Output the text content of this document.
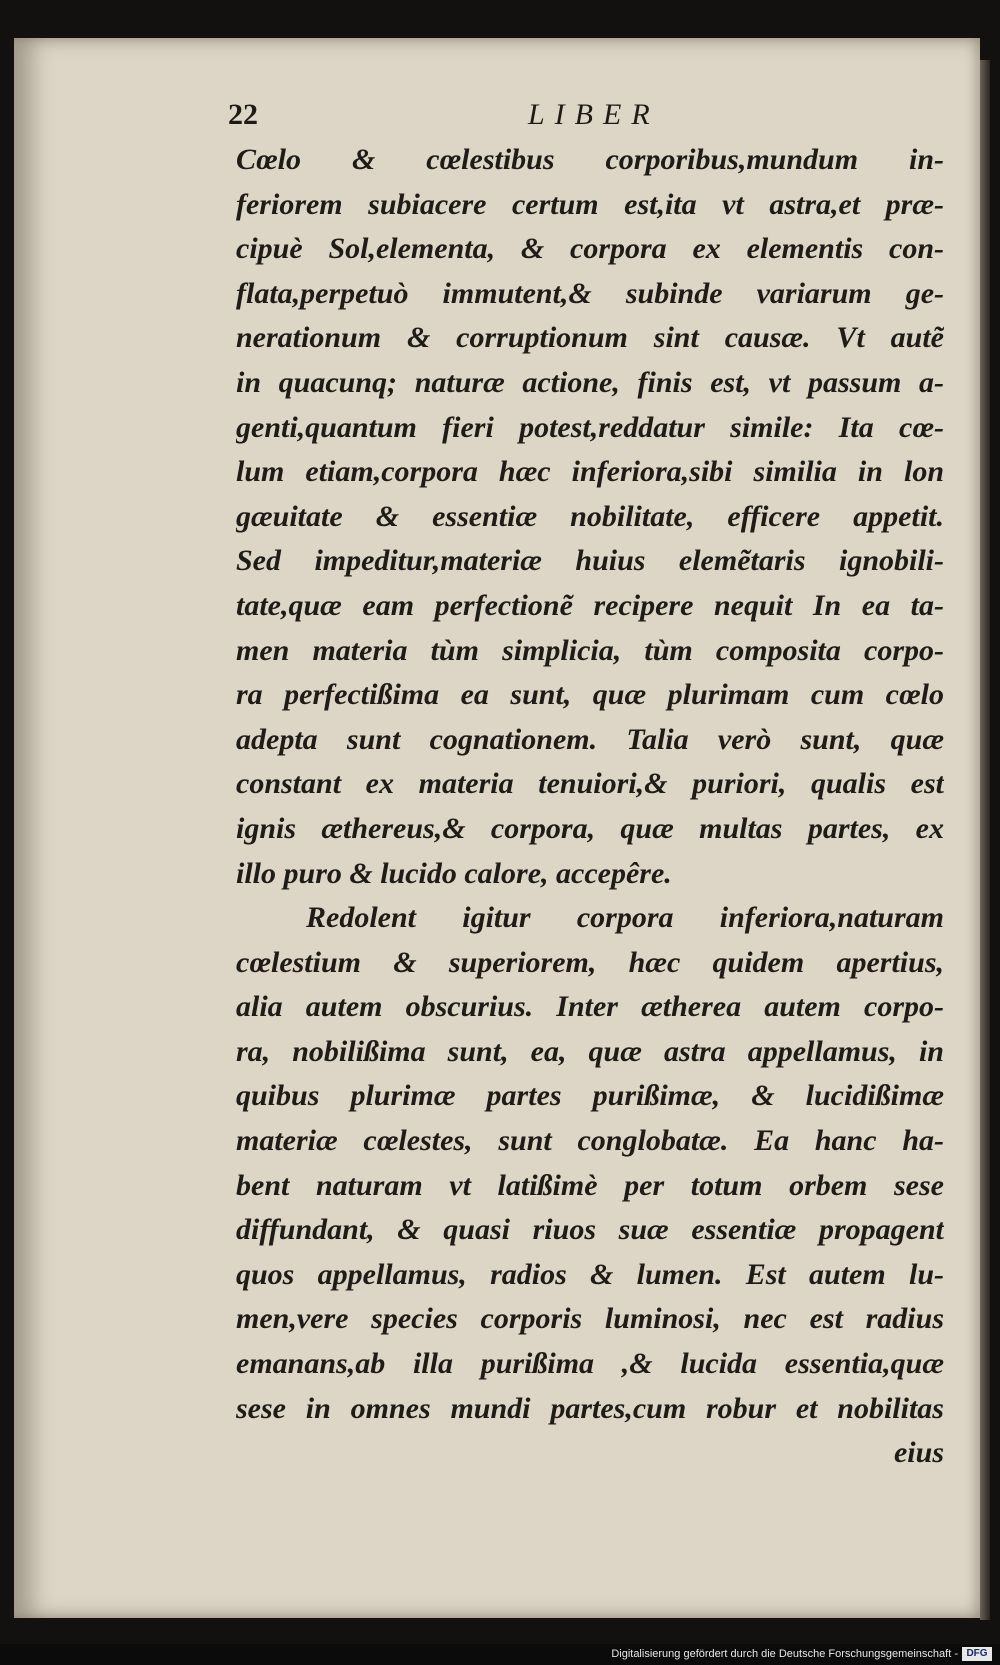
22	LIBER
Cœlo & cœlestibus corporibus,mundum in-
feriorem subiacere certum est,ita vt astra,et præ-
cipuè Sol,elementa, & corpora ex elementis con-
flata,perpetuò immutent,& subinde variarum ge-
nerationum & corruptionum sint causæ. Vt autẽ
in quacunq; naturæ actione, finis est, vt passum a-
genti,quantum fieri potest,reddatur simile: Ita cœ-
lum etiam,corpora hæc inferiora,sibi similia in lon
gæuitate & essentiæ nobilitate, efficere appetit.
Sed impeditur,materiæ huius elemẽtaris ignobili-
tate,quæ eam perfectionẽ recipere nequit In ea ta-
men materia tùm simplicia, tùm composita corpo-
ra perfectißima ea sunt, quæ plurimam cum cœlo
adepta sunt cognationem. Talia verò sunt, quæ
constant ex materia tenuiori,& puriori, qualis est
ignis æthereus,& corpora, quæ multas partes, ex
illo puro & lucido calore, accepêre.
Redolent igitur corpora inferiora,naturam
cœlestium & superiorem, hæc quidem apertius,
alia autem obscurius. Inter ætherea autem corpo-
ra, nobilißima sunt, ea, quæ astra appellamus, in
quibus plurimæ partes purißimæ, & lucidißimæ
materiæ cœlestes, sunt conglobatæ. Ea hanc ha-
bent naturam vt latißimè per totum orbem sese
diffundant, & quasi riuos suæ essentiæ propagent
quos appellamus, radios & lumen. Est autem lu-
men,vere species corporis luminosi, nec est radius
emanans,ab illa purißima ,& lucida essentia,quæ
sese in omnes mundi partes,cum robur et nobilitas
eius
Digitalisierung gefördert durch die Deutsche Forschungsgemeinschaft - DFG
